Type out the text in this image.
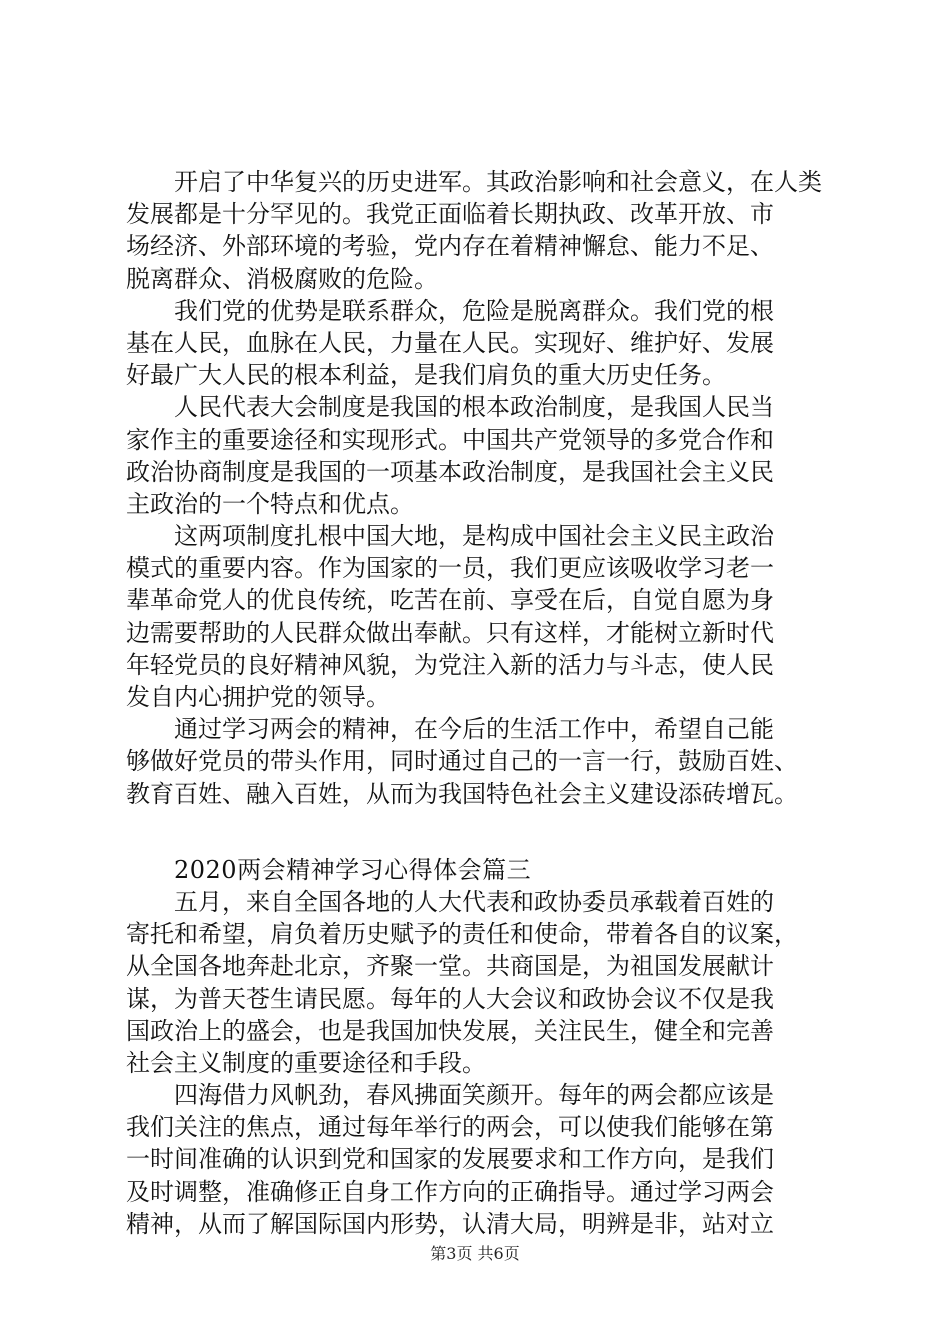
开启了中华复兴的历史进军。其政治影响和社会意义，在人类
发展都是十分罕见的。我党正面临着长期执政、改革开放、市
场经济、外部环境的考验，党内存在着精神懈怠、能力不足、
脱离群众、消极腐败的危险。
我们党的优势是联系群众，危险是脱离群众。我们党的根
基在人民，血脉在人民，力量在人民。实现好、维护好、发展
好最广大人民的根本利益，是我们肩负的重大历史任务。
人民代表大会制度是我国的根本政治制度，是我国人民当
家作主的重要途径和实现形式。中国共产党领导的多党合作和
政治协商制度是我国的一项基本政治制度，是我国社会主义民
主政治的一个特点和优点。
这两项制度扎根中国大地，是构成中国社会主义民主政治
模式的重要内容。作为国家的一员，我们更应该吸收学习老一
辈革命党人的优良传统，吃苦在前、享受在后，自觉自愿为身
边需要帮助的人民群众做出奉献。只有这样，才能树立新时代
年轻党员的良好精神风貌，为党注入新的活力与斗志，使人民
发自内心拥护党的领导。
通过学习两会的精神，在今后的生活工作中，希望自己能
够做好党员的带头作用，同时通过自己的一言一行，鼓励百姓、
教育百姓、融入百姓，从而为我国特色社会主义建设添砖增瓦。
2020两会精神学习心得体会篇三
五月，来自全国各地的人大代表和政协委员承载着百姓的
寄托和希望，肩负着历史赋予的责任和使命，带着各自的议案，
从全国各地奔赴北京，齐聚一堂。共商国是，为祖国发展献计
谋，为普天苍生请民愿。每年的人大会议和政协会议不仅是我
国政治上的盛会，也是我国加快发展，关注民生，健全和完善
社会主义制度的重要途径和手段。
四海借力风帆劲，春风拂面笑颜开。每年的两会都应该是
我们关注的焦点，通过每年举行的两会，可以使我们能够在第
一时间准确的认识到党和国家的发展要求和工作方向，是我们
及时调整，准确修正自身工作方向的正确指导。通过学习两会
精神，从而了解国际国内形势，认清大局，明辨是非，站对立
第3页 共6页
